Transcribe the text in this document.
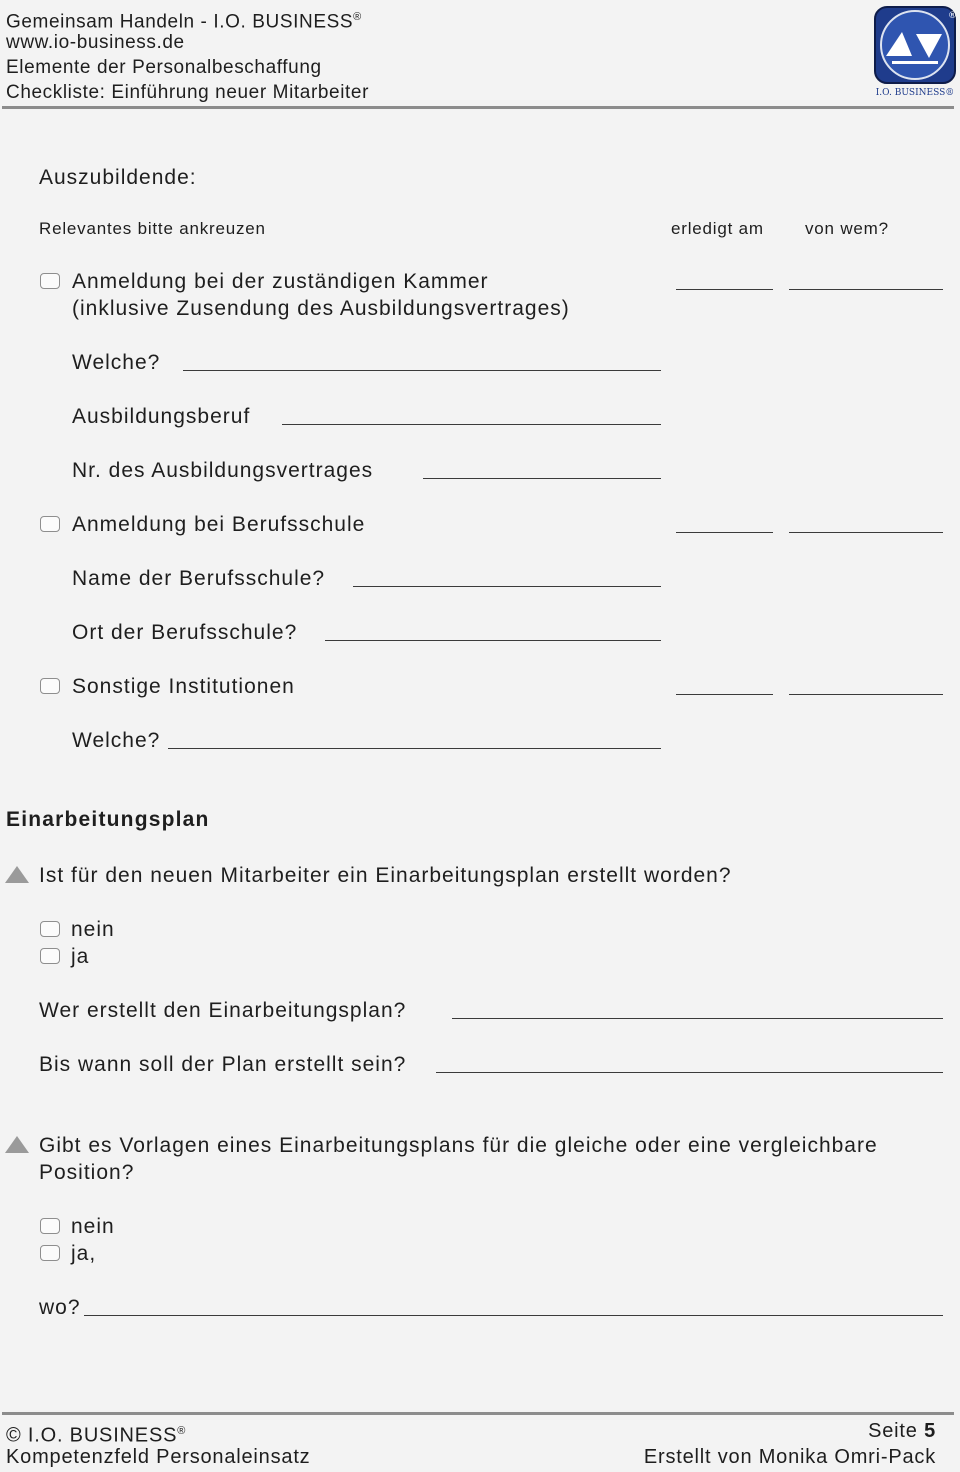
Gemeinsam Handeln - I.O. BUSINESS®
www.io-business.de
Elemente der Personalbeschaffung
Checkliste: Einführung neuer Mitarbeiter
®
I.O. BUSINESS®
Auszubildende:
Relevantes bitte ankreuzen	erledigt am von wem?
Anmeldung bei der zuständigen Kammer
(inklusive Zusendung des Ausbildungsvertrages)
Welche?
Ausbildungsberuf
Nr. des Ausbildungsvertrages
Anmeldung bei Berufsschule
Name der Berufsschule?
Ort der Berufsschule?
Sonstige Institutionen
Welche?
Einarbeitungsplan
Ist für den neuen Mitarbeiter ein Einarbeitungsplan erstellt worden?
nein
ja
Wer erstellt den Einarbeitungsplan?
Bis wann soll der Plan erstellt sein?
Gibt es Vorlagen eines Einarbeitungsplans für die gleiche oder eine vergleichbare
Position?
nein
ja,
wo?
© I.O. BUSINESS®
Kompetenzfeld Personaleinsatz
Seite 5
Erstellt von Monika Omri-Pack
